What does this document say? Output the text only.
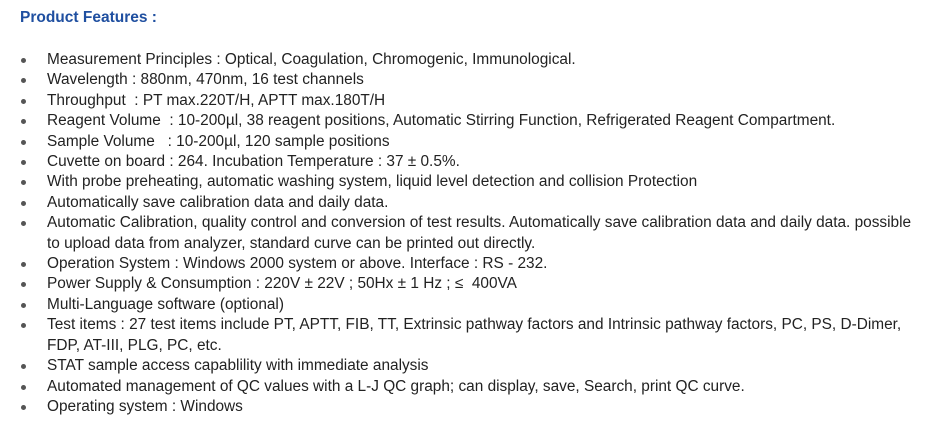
Product Features :
Measurement Principles : Optical, Coagulation, Chromogenic, Immunological.
Wavelength : 880nm, 470nm, 16 test channels
Throughput  : PT max.220T/H, APTT max.180T/H
Reagent Volume  : 10-200µl, 38 reagent positions, Automatic Stirring Function, Refrigerated Reagent Compartment.
Sample Volume   : 10-200µl, 120 sample positions
Cuvette on board : 264. Incubation Temperature : 37 ± 0.5%.
With probe preheating, automatic washing system, liquid level detection and collision Protection
Automatically save calibration data and daily data.
Automatic Calibration, quality control and conversion of test results. Automatically save calibration data and daily data. possible to upload data from analyzer, standard curve can be printed out directly.
Operation System : Windows 2000 system or above. Interface : RS - 232.
Power Supply & Consumption : 220V ± 22V ; 50Hx ± 1 Hz ; ≤  400VA
Multi-Language software (optional)
Test items : 27 test items include PT, APTT, FIB, TT, Extrinsic pathway factors and Intrinsic pathway factors, PC, PS, D-Dimer, FDP, AT-III, PLG, PC, etc.
STAT sample access capablility with immediate analysis
Automated management of QC values with a L-J QC graph; can display, save, Search, print QC curve.
Operating system : Windows
